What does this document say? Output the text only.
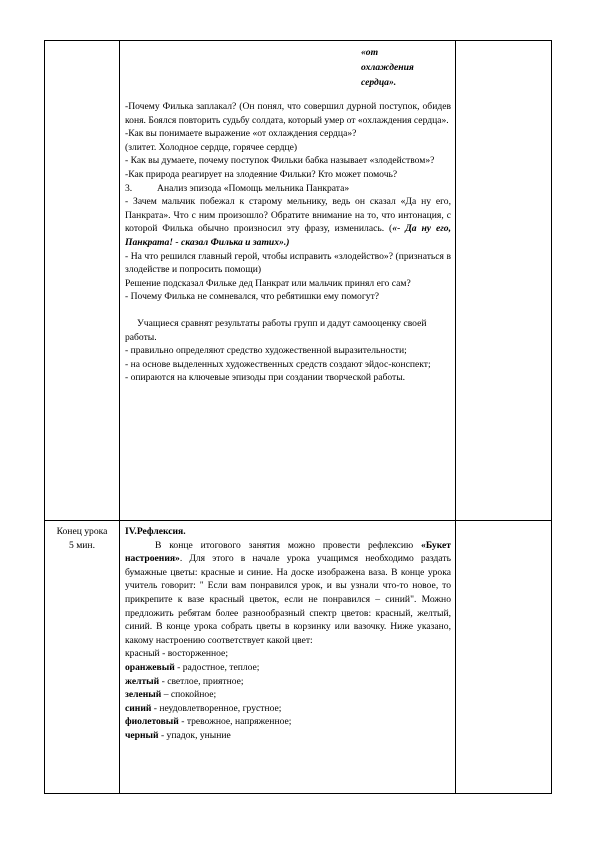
«от
охлаждения
сердца».

-Почему Филька заплакал? (Он понял, что совершил дурной поступок, обидев коня. Боялся повторить судьбу солдата, который умер от «охлаждения сердца».

-Как вы понимаете выражение «от охлаждения сердца»?

(злитет. Холодное сердце, горячее сердце)

- Как вы думаете, почему поступок Фильки бабка называет «злодейством»?

-Как природа реагирует на злодеяние Фильки? Кто может помочь?

3.	Анализ эпизода «Помощь мельника Панкрата»

- Зачем мальчик побежал к старому мельнику, ведь он сказал «Да ну его, Панкрата». Что с ним произошло? Обратите внимание на то, что интонация, с которой Филька обычно произносил эту фразу, изменилась. («- Да ну его, Панкрата! - сказал Филька и затих».)

- На что решился главный герой, чтобы исправить «злодейство»? (признаться в злодействе и попросить помощи)

Решение подсказал Фильке дед Панкрат или мальчик принял его сам?

- Почему Филька не сомневался, что ребятишки ему помогут?

Учащиеся сравнят результаты работы групп и дадут самооценку своей работы.

- правильно определяют средство художественной выразительности;

- на основе выделенных художественных средств создают эйдос-конспект;

- опираются на ключевые эпизоды при создании творческой работы.

Конец урока
5 мин.

IV.Рефлексия.

В конце итогового занятия можно провести рефлексию «Букет настроения». Для этого в начале урока учащимся необходимо раздать бумажные цветы: красные и синие. На доске изображена ваза. В конце урока учитель говорит: " Если вам понравился урок, и вы узнали что-то новое, то прикрепите к вазе красный цветок, если не понравился – синий". Можно предложить ребятам более разнообразный спектр цветов: красный, желтый, синий. В конце урока собрать цветы в корзинку или вазочку. Ниже указано, какому настроению соответствует какой цвет:

красный - восторженное;

оранжевый - радостное, теплое;

желтый - светлое, приятное;

зеленый – спокойное;

синий - неудовлетворенное, грустное;

фиолетовый - тревожное, напряженное;

черный - упадок, уныние
